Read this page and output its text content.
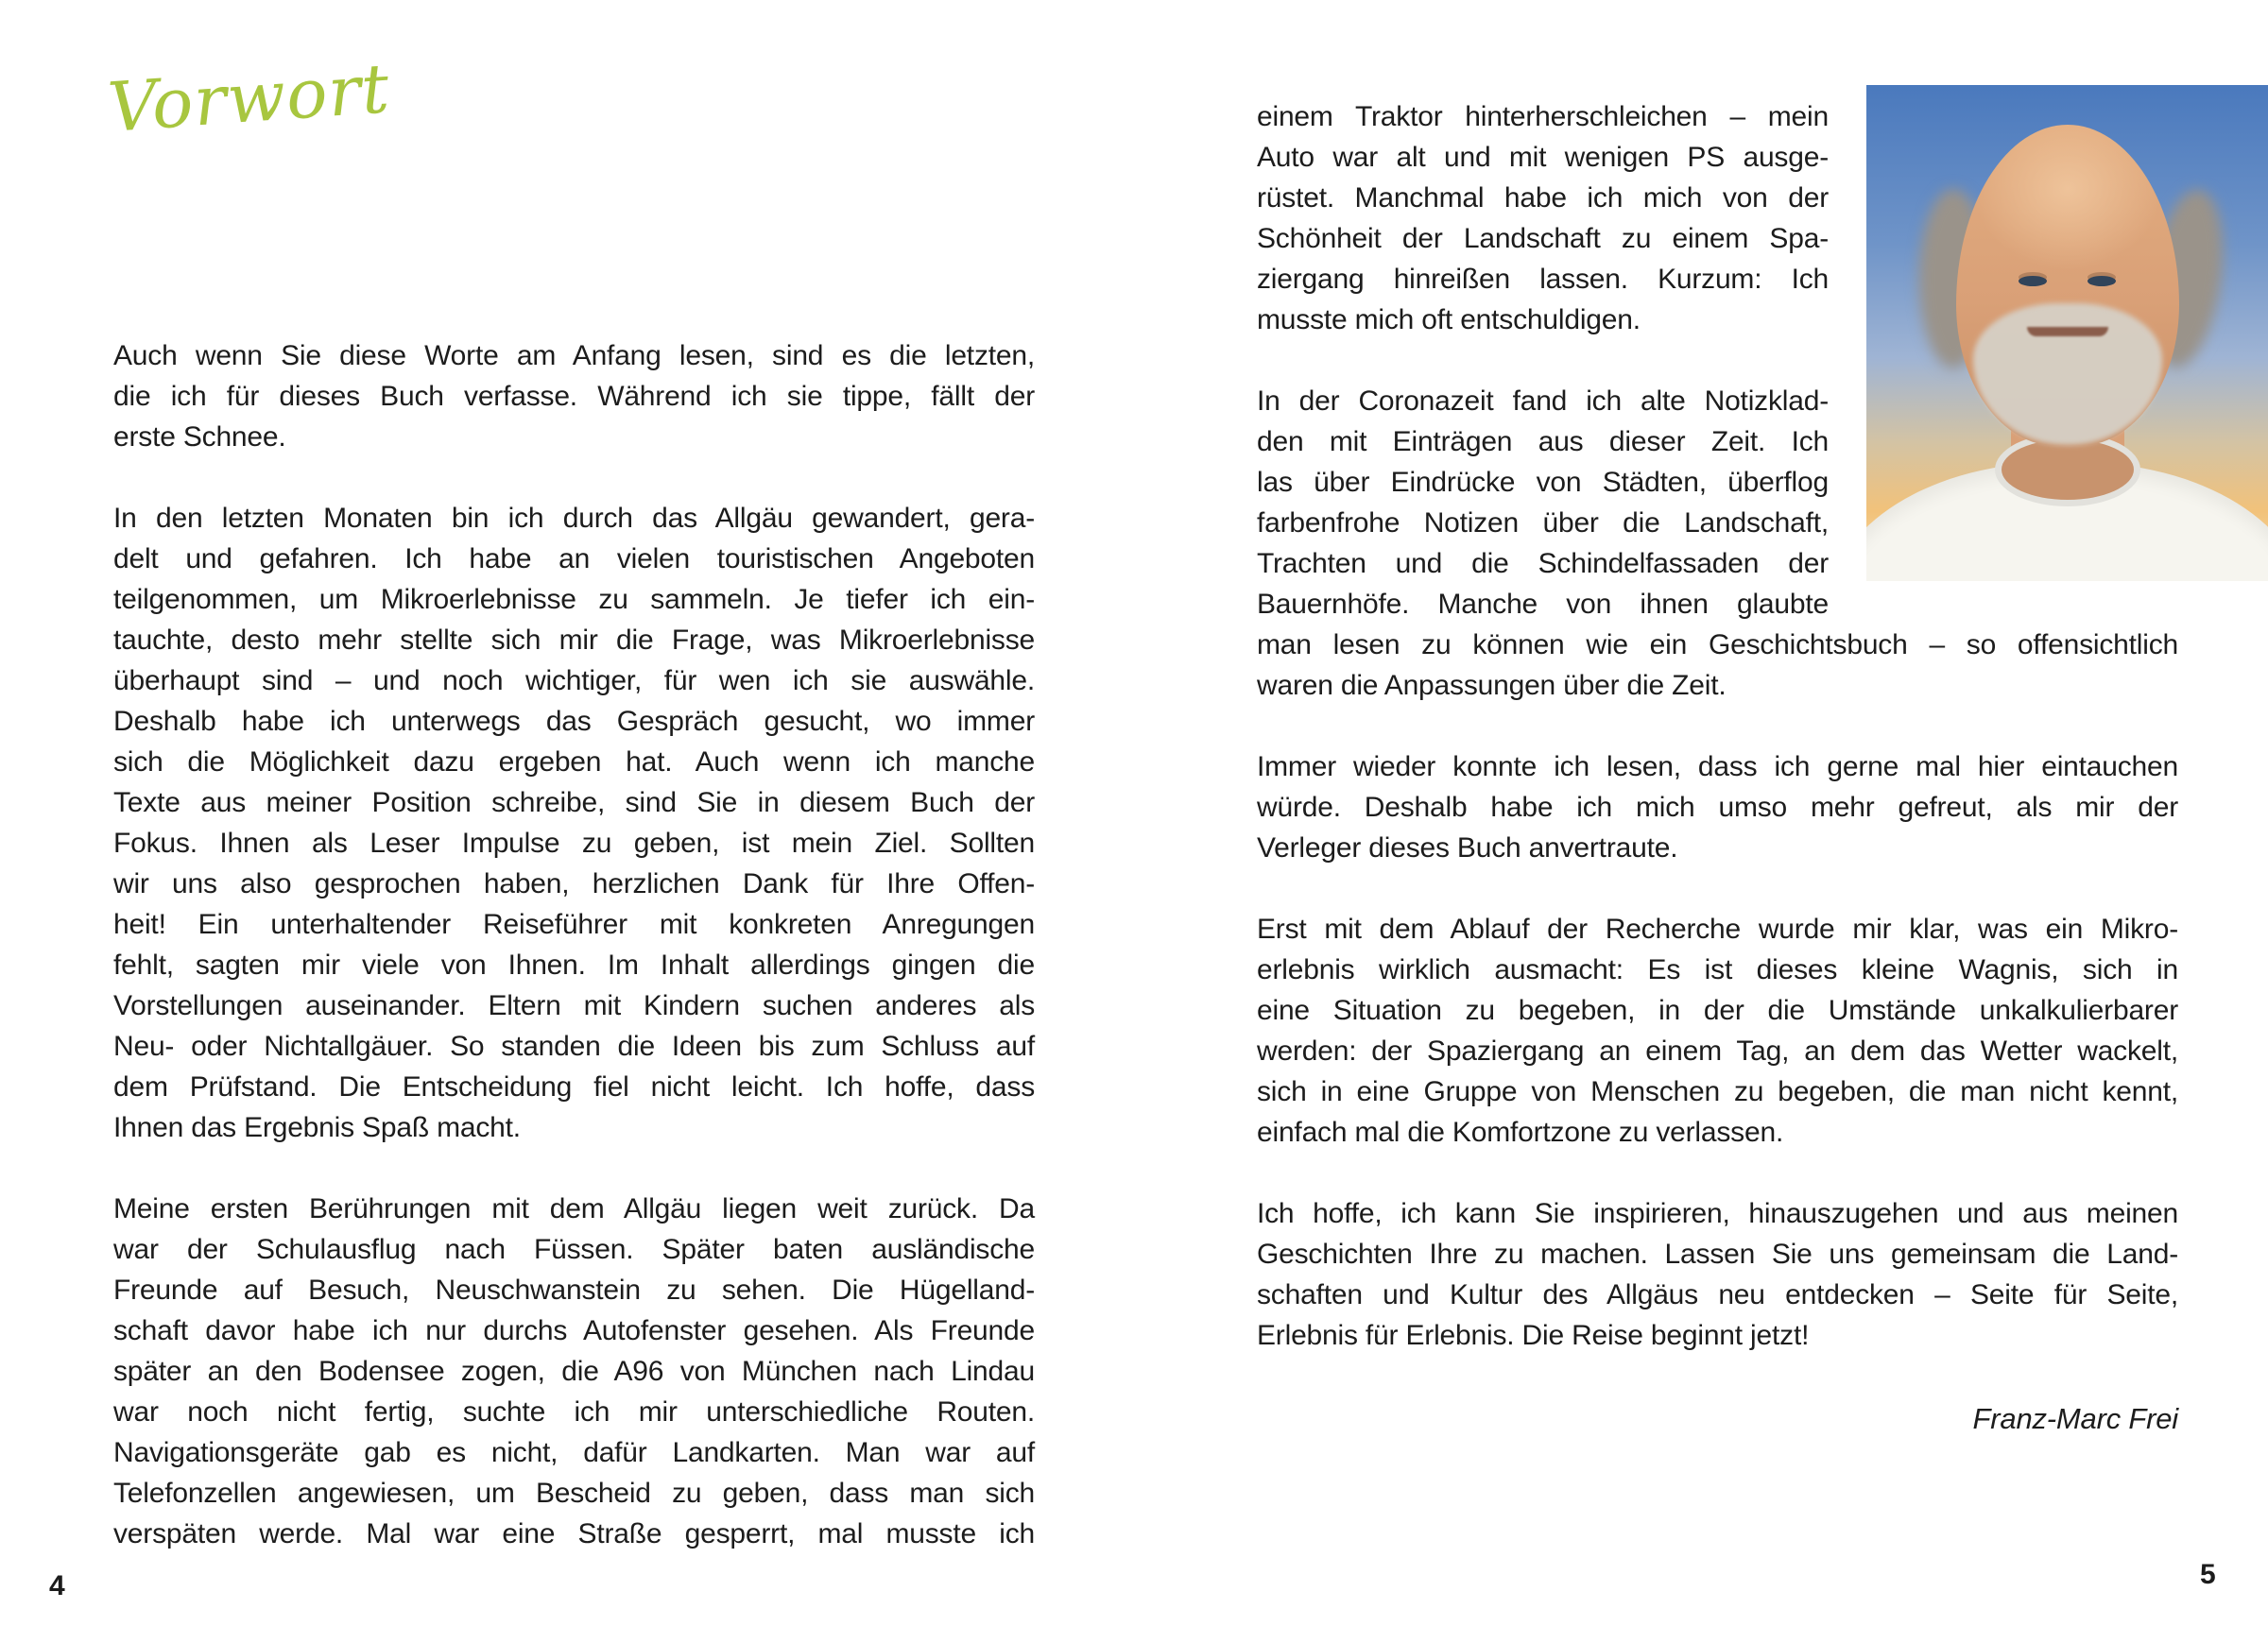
Vorwort
Auch wenn Sie diese Worte am Anfang lesen, sind es die letzten,
die ich für dieses Buch verfasse. Während ich sie tippe, fällt der
erste Schnee.
In den letzten Monaten bin ich durch das Allgäu gewandert, gera-
delt und gefahren. Ich habe an vielen touristischen Angeboten
teilgenommen, um Mikroerlebnisse zu sammeln. Je tiefer ich ein-
tauchte, desto mehr stellte sich mir die Frage, was Mikroerlebnisse
überhaupt sind – und noch wichtiger, für wen ich sie auswähle.
Deshalb habe ich unterwegs das Gespräch gesucht, wo immer
sich die Möglichkeit dazu ergeben hat. Auch wenn ich manche
Texte aus meiner Position schreibe, sind Sie in diesem Buch der
Fokus. Ihnen als Leser Impulse zu geben, ist mein Ziel. Sollten
wir uns also gesprochen haben, herzlichen Dank für Ihre Offen-
heit! Ein unterhaltender Reiseführer mit konkreten Anregungen
fehlt, sagten mir viele von Ihnen. Im Inhalt allerdings gingen die
Vorstellungen auseinander. Eltern mit Kindern suchen anderes als
Neu- oder Nichtallgäuer. So standen die Ideen bis zum Schluss auf
dem Prüfstand. Die Entscheidung fiel nicht leicht. Ich hoffe, dass
Ihnen das Ergebnis Spaß macht.
Meine ersten Berührungen mit dem Allgäu liegen weit zurück. Da
war der Schulausflug nach Füssen. Später baten ausländische
Freunde auf Besuch, Neuschwanstein zu sehen. Die Hügelland-
schaft davor habe ich nur durchs Autofenster gesehen. Als Freunde
später an den Bodensee zogen, die A96 von München nach Lindau
war noch nicht fertig, suchte ich mir unterschiedliche Routen.
Navigationsgeräte gab es nicht, dafür Landkarten. Man war auf
Telefonzellen angewiesen, um Bescheid zu geben, dass man sich
verspäten werde. Mal war eine Straße gesperrt, mal musste ich
4
einem Traktor hinterherschleichen – mein
Auto war alt und mit wenigen PS ausge-
rüstet. Manchmal habe ich mich von der
Schönheit der Landschaft zu einem Spa-
ziergang hinreißen lassen. Kurzum: Ich
musste mich oft entschuldigen.
In der Coronazeit fand ich alte Notizklad-
den mit Einträgen aus dieser Zeit. Ich
las über Eindrücke von Städten, überflog
farbenfrohe Notizen über die Landschaft,
Trachten und die Schindelfassaden der
Bauernhöfe. Manche von ihnen glaubte
man lesen zu können wie ein Geschichtsbuch – so offensichtlich
waren die Anpassungen über die Zeit.
Immer wieder konnte ich lesen, dass ich gerne mal hier eintauchen
würde. Deshalb habe ich mich umso mehr gefreut, als mir der
Verleger dieses Buch anvertraute.
Erst mit dem Ablauf der Recherche wurde mir klar, was ein Mikro-
erlebnis wirklich ausmacht: Es ist dieses kleine Wagnis, sich in
eine Situation zu begeben, in der die Umstände unkalkulierbarer
werden: der Spaziergang an einem Tag, an dem das Wetter wackelt,
sich in eine Gruppe von Menschen zu begeben, die man nicht kennt,
einfach mal die Komfortzone zu verlassen.
Ich hoffe, ich kann Sie inspirieren, hinauszugehen und aus meinen
Geschichten Ihre zu machen. Lassen Sie uns gemeinsam die Land-
schaften und Kultur des Allgäus neu entdecken – Seite für Seite,
Erlebnis für Erlebnis. Die Reise beginnt jetzt!
Franz-Marc Frei
5
